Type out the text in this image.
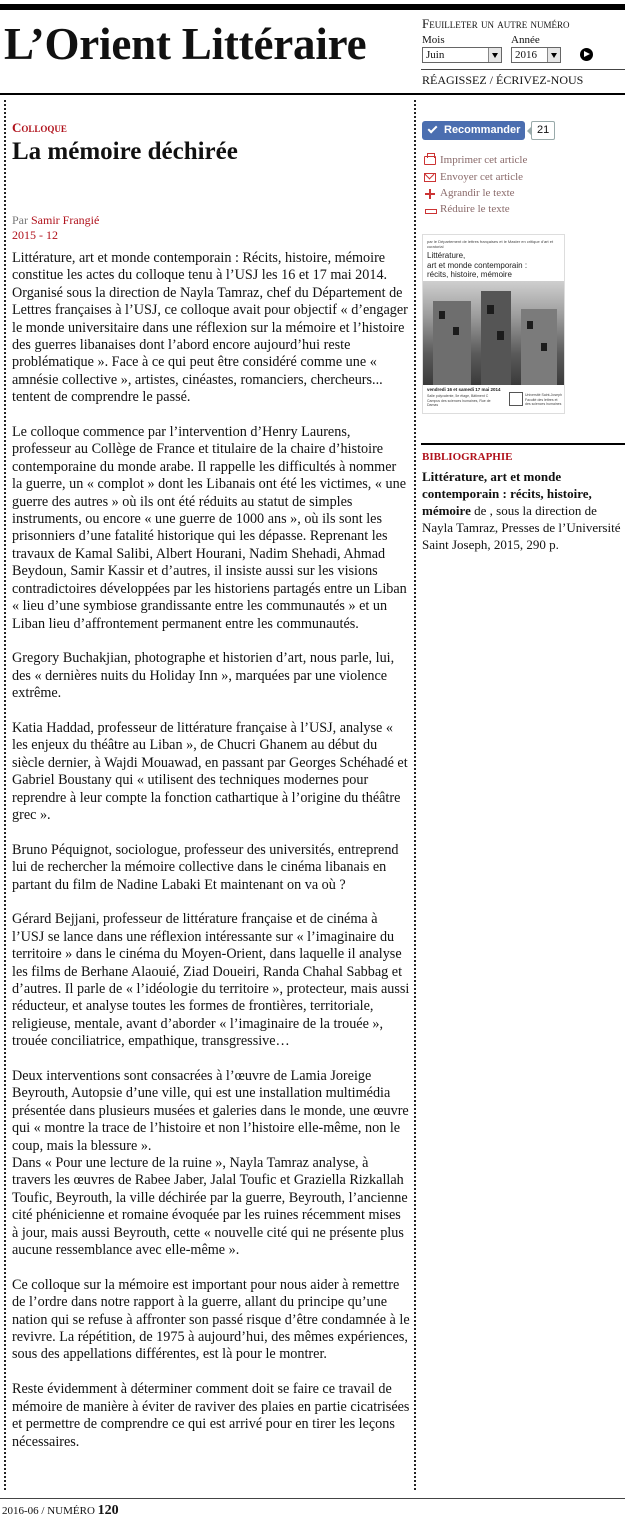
L’Orient Littéraire	Feuilleter un autre numéro
Mois	Année
Juin	2016
RÉAGISSEZ / ÉCRIVEZ-NOUS
Colloque
La mémoire déchirée
Par Samir Frangié
2015 - 12

Littérature, art et monde contemporain : Récits, histoire, mémoire constitue les actes du colloque tenu à l’USJ les 16 et 17 mai 2014. Organisé sous la direction de Nayla Tamraz, chef du Département de Lettres françaises à l’USJ, ce colloque avait pour objectif « d’engager le monde universitaire dans une réflexion sur la mémoire et l’histoire des guerres libanaises dont l’abord encore aujourd’hui reste problématique ». Face à ce qui peut être considéré comme une « amnésie collective », artistes, cinéastes, romanciers, chercheurs... tentent de comprendre le passé.

Le colloque commence par l’intervention d’Henry Laurens, professeur au Collège de France et titulaire de la chaire d’histoire contemporaine du monde arabe. Il rappelle les difficultés à nommer la guerre, un « complot » dont les Libanais ont été les victimes, « une guerre des autres » où ils ont été réduits au statut de simples instruments, ou encore « une guerre de 1000 ans », où ils sont les prisonniers d’une fatalité historique qui les dépasse. Reprenant les travaux de Kamal Salibi, Albert Hourani, Nadim Shehadi, Ahmad Beydoun, Samir Kassir et d’autres, il insiste aussi sur les visions contradictoires développées par les historiens partagés entre un Liban « lieu d’une symbiose grandissante entre les communautés » et un Liban lieu d’affrontement permanent entre les communautés.

Gregory Buchakjian, photographe et historien d’art, nous parle, lui, des « dernières nuits du Holiday Inn », marquées par une violence extrême.

Katia Haddad, professeur de littérature française à l’USJ, analyse « les enjeux du théâtre au Liban », de Chucri Ghanem au début du siècle dernier, à Wajdi Mouawad, en passant par Georges Schéhadé et Gabriel Boustany qui « utilisent des techniques modernes pour reprendre à leur compte la fonction cathartique à l’origine du théâtre grec ».

Bruno Péquignot, sociologue, professeur des universités, entreprend lui de rechercher la mémoire collective dans le cinéma libanais en partant du film de Nadine Labaki Et maintenant on va où ?

Gérard Bejjani, professeur de littérature française et de cinéma à l’USJ se lance dans une réflexion intéressante sur « l’imaginaire du territoire » dans le cinéma du Moyen-Orient, dans laquelle il analyse les films de Berhane Alaouié, Ziad Doueiri, Randa Chahal Sabbag et d’autres. Il parle de « l’idéologie du territoire », protecteur, mais aussi réducteur, et analyse toutes les formes de frontières, territoriale, religieuse, mentale, avant d’aborder « l’imaginaire de la trouée », trouée conciliatrice, empathique, transgressive…

Deux interventions sont consacrées à l’œuvre de Lamia Joreige Beyrouth, Autopsie d’une ville, qui est une installation multimédia présentée dans plusieurs musées et galeries dans le monde, une œuvre qui « montre la trace de l’histoire et non l’histoire elle-même, non le coup, mais la blessure ».

Dans « Pour une lecture de la ruine », Nayla Tamraz analyse, à travers les œuvres de Rabee Jaber, Jalal Toufic et Graziella Rizkallah Toufic, Beyrouth, la ville déchirée par la guerre, Beyrouth, l’ancienne cité phénicienne et romaine évoquée par les ruines récemment mises à jour, mais aussi Beyrouth, cette « nouvelle cité qui ne présente plus aucune ressemblance avec elle-même ».

Ce colloque sur la mémoire est important pour nous aider à remettre de l’ordre dans notre rapport à la guerre, allant du principe qu’une nation qui se refuse à affronter son passé risque d’être condamnée à le revivre. La répétition, de 1975 à aujourd’hui, des mêmes expériences, sous des appellations différentes, est là pour le montrer.

Reste évidemment à déterminer comment doit se faire ce travail de mémoire de manière à éviter de raviver des plaies en partie cicatrisées et permettre de comprendre ce qui est arrivé pour en tirer les leçons nécessaires.

Recommander	21
Imprimer cet article
Envoyer cet article
Agrandir le texte
Réduire le texte
par le Département de lettres françaises et le Master en critique d’art et curatorial
Littérature,
art et monde contemporain :
récits, histoire, mémoire
vendredi 16 et samedi 17 mai 2014
Salle polyvalente, 5e étage, Bâtiment C Campus des sciences humaines, Rue de Damas
Université Saint-Joseph Faculté des lettres et des sciences humaines
BIBLIOGRAPHIE
Littérature, art et monde contemporain : récits, histoire, mémoire de , sous la direction de Nayla Tamraz, Presses de l’Université Saint Joseph, 2015, 290 p.
2016-06 / NUMÉRO 120
